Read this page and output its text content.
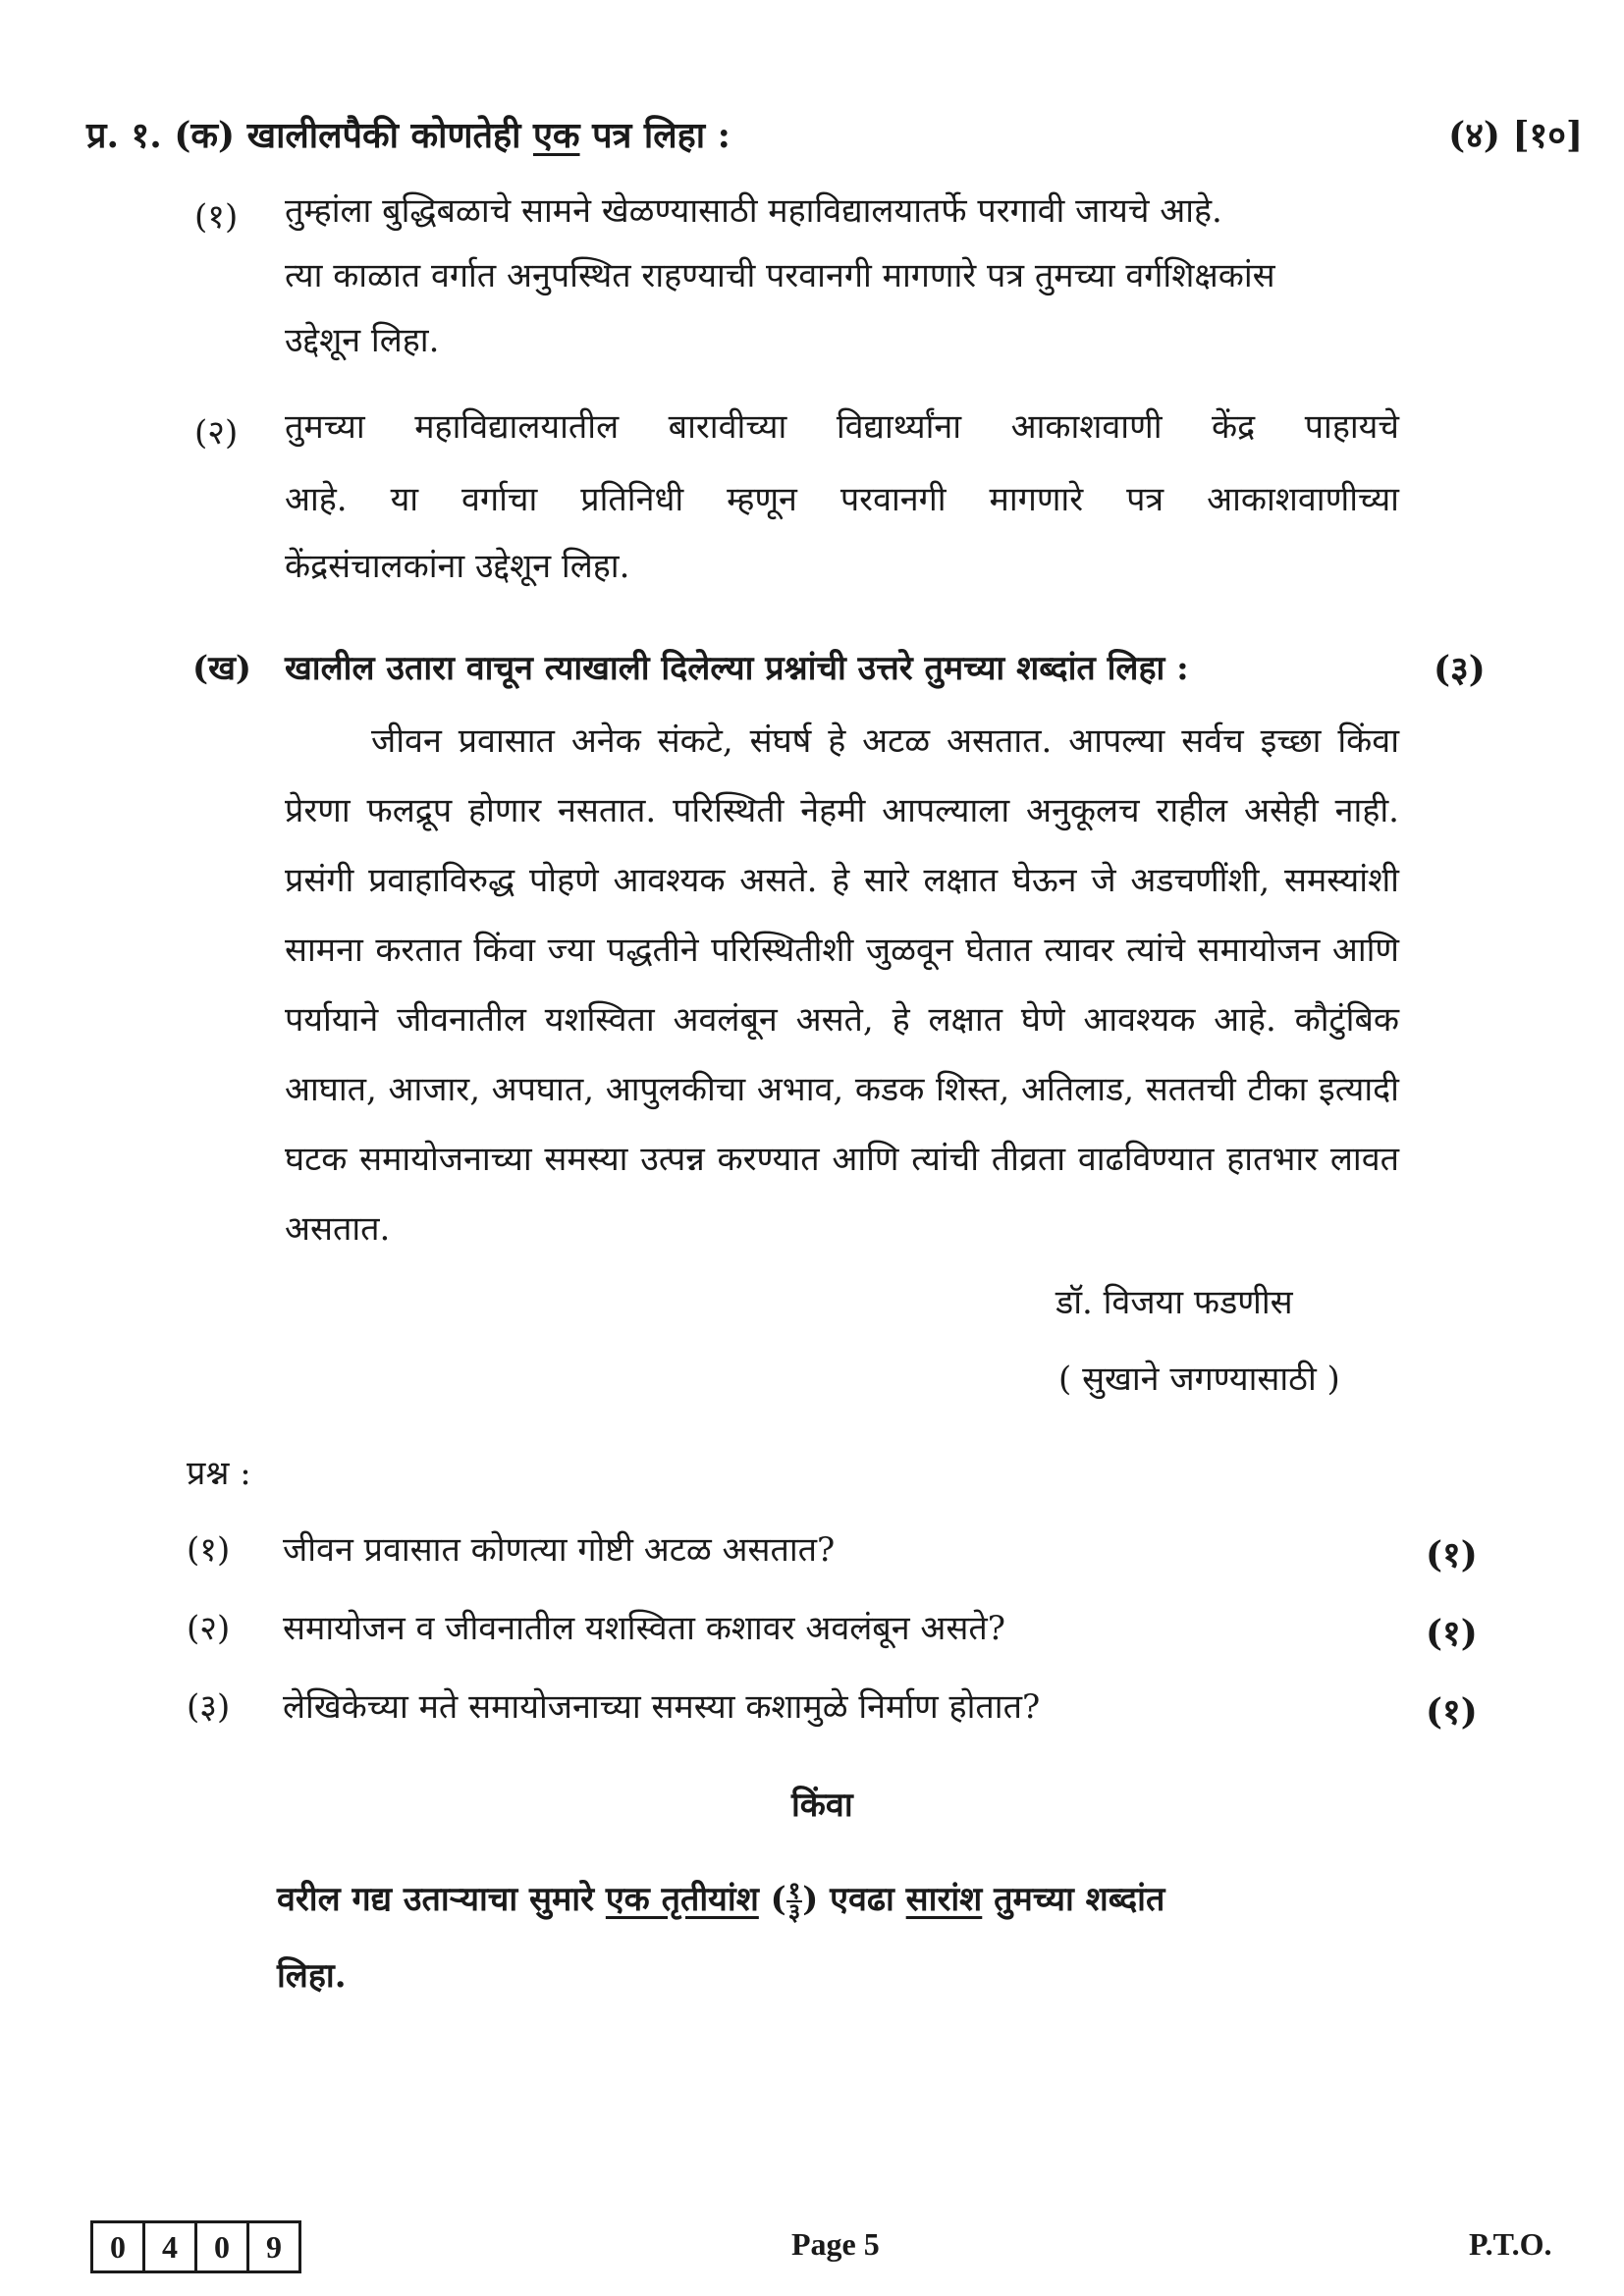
प्र. १. (क) खालीलपैकी कोणतेही एक पत्र लिहा :	(४) [१०]
(१) तुम्हांला बुद्धिबळाचे सामने खेळण्यासाठी महाविद्यालयातर्फे परगावी जायचे आहे.
त्या काळात वर्गात अनुपस्थित राहण्याची परवानगी मागणारे पत्र तुमच्या वर्गशिक्षकांस
उद्देशून लिहा.
(२) तुमच्या महाविद्यालयातील बारावीच्या विद्यार्थ्यांना आकाशवाणी केंद्र पाहायचे
आहे. या वर्गाचा प्रतिनिधी म्हणून परवानगी मागणारे पत्र आकाशवाणीच्या
केंद्रसंचालकांना उद्देशून लिहा.
(ख) खालील उतारा वाचून त्याखाली दिलेल्या प्रश्नांची उत्तरे तुमच्या शब्दांत लिहा :	(३)
जीवन प्रवासात अनेक संकटे, संघर्ष हे अटळ असतात. आपल्या सर्वच इच्छा किंवा प्रेरणा फलद्रूप होणार नसतात. परिस्थिती नेहमी आपल्याला अनुकूलच राहील असेही नाही. प्रसंगी प्रवाहाविरुद्ध पोहणे आवश्यक असते. हे सारे लक्षात घेऊन जे अडचणींशी, समस्यांशी सामना करतात किंवा ज्या पद्धतीने परिस्थितीशी जुळवून घेतात त्यावर त्यांचे समायोजन आणि पर्यायाने जीवनातील यशस्विता अवलंबून असते, हे लक्षात घेणे आवश्यक आहे. कौटुंबिक आघात, आजार, अपघात, आपुलकीचा अभाव, कडक शिस्त, अतिलाड, सततची टीका इत्यादी घटक समायोजनाच्या समस्या उत्पन्न करण्यात आणि त्यांची तीव्रता वाढविण्यात हातभार लावत असतात.
डॉ. विजया फडणीस
( सुखाने जगण्यासाठी )
प्रश्न :
(१) जीवन प्रवासात कोणत्या गोष्टी अटळ असतात?	(१)
(२) समायोजन व जीवनातील यशस्विता कशावर अवलंबून असते?	(१)
(३) लेखिकेच्या मते समायोजनाच्या समस्या कशामुळे निर्माण होतात?	(१)
किंवा
वरील गद्य उताऱ्याचा सुमारे एक तृतीयांश ( $\frac{१}{३}$ ) एवढा सारांश तुमच्या शब्दांत
लिहा.
0	4	0	9	Page 5	P.T.O.
